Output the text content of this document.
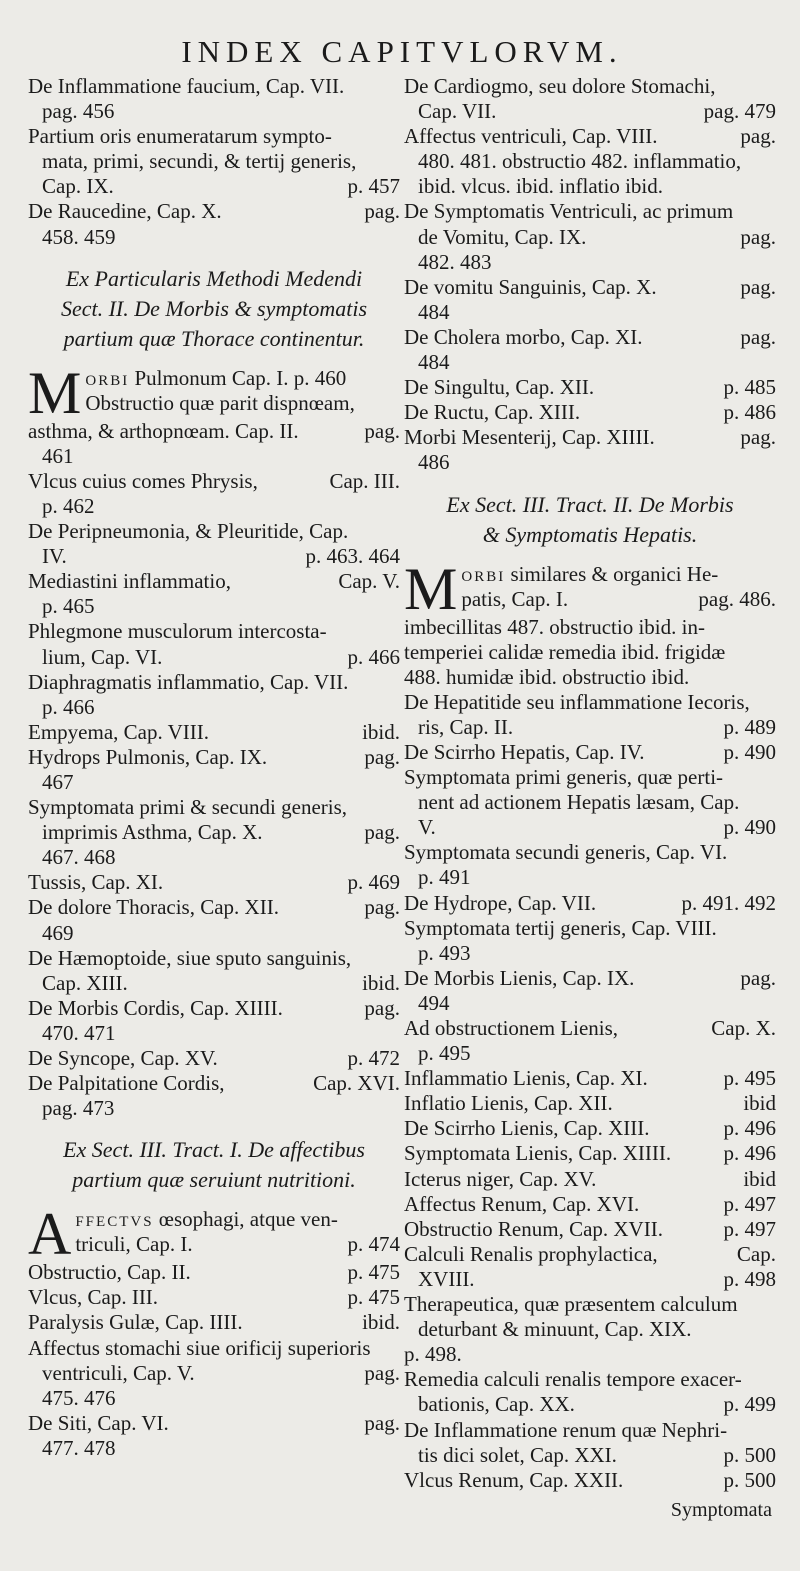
INDEX CAPITVLORVM.
De Inflammatione faucium, Cap. VII.
pag. 456
Partium oris enumeratarum sympto-
mata, primi, secundi, & tertij generis,
Cap. IX.	p. 457
De Raucedine, Cap. X.	pag.
458. 459
Ex Particularis Methodi Medendi
Sect. II. De Morbis & symptomatis
partium quæ Thorace continentur.
M orbi Pulmonum Cap. I. p. 460
Obstructio quæ parit dispnœam,
asthma, & arthopnœam. Cap. II.	pag.
461
Vlcus cuius comes Phrysis,	Cap. III.
p. 462
De Peripneumonia, & Pleuritide, Cap.
IV.	p. 463. 464
Mediastini inflammatio,	Cap. V.
p. 465
Phlegmone musculorum intercosta-
lium, Cap. VI.	p. 466
Diaphragmatis inflammatio, Cap. VII.
p. 466
Empyema, Cap. VIII.	ibid.
Hydrops Pulmonis, Cap. IX.	pag.
467
Symptomata primi & secundi generis,
imprimis Asthma, Cap. X.	pag.
467. 468
Tussis, Cap. XI.	p. 469
De dolore Thoracis, Cap. XII.	pag.
469
De Hæmoptoide, siue sputo sanguinis,
Cap. XIII.	ibid.
De Morbis Cordis, Cap. XIIII.	pag.
470. 471
De Syncope, Cap. XV.	p. 472
De Palpitatione Cordis,	Cap. XVI.
pag. 473
Ex Sect. III. Tract. I. De affectibus
partium quæ seruiunt nutritioni.
A ffectvs œsophagi, atque ven-
triculi, Cap. I.	p. 474
Obstructio, Cap. II.	p. 475
Vlcus, Cap. III.	p. 475
Paralysis Gulæ, Cap. IIII.	ibid.
Affectus stomachi siue orificij superioris
ventriculi, Cap. V.	pag.
475. 476
De Siti, Cap. VI.	pag.
477. 478
De Cardiogmo, seu dolore Stomachi,
Cap. VII.	pag. 479
Affectus ventriculi, Cap. VIII.	pag.
480. 481. obstructio 482. inflammatio,
ibid. vlcus. ibid. inflatio ibid.
De Symptomatis Ventriculi, ac primum
de Vomitu, Cap. IX.	pag.
482. 483
De vomitu Sanguinis, Cap. X.	pag.
484
De Cholera morbo, Cap. XI.	pag.
484
De Singultu, Cap. XII.	p. 485
De Ructu, Cap. XIII.	p. 486
Morbi Mesenterij, Cap. XIIII.	pag.
486
Ex Sect. III. Tract. II. De Morbis
& Symptomatis Hepatis.
M orbi similares & organici He-
patis, Cap. I.	pag. 486.
imbecillitas 487. obstructio ibid. in-
temperiei calidæ remedia ibid. frigidæ
488. humidæ ibid. obstructio ibid.
De Hepatitide seu inflammatione Iecoris,
ris, Cap. II.	p. 489
De Scirrho Hepatis, Cap. IV.	p. 490
Symptomata primi generis, quæ perti-
nent ad actionem Hepatis læsam, Cap.
V.	p. 490
Symptomata secundi generis, Cap. VI.
p. 491
De Hydrope, Cap. VII.	p. 491. 492
Symptomata tertij generis, Cap. VIII.
p. 493
De Morbis Lienis, Cap. IX.	pag.
494
Ad obstructionem Lienis,	Cap. X.
p. 495
Inflammatio Lienis, Cap. XI.	p. 495
Inflatio Lienis, Cap. XII.	ibid
De Scirrho Lienis, Cap. XIII.	p. 496
Symptomata Lienis, Cap. XIIII. p. 496
Icterus niger, Cap. XV.	ibid
Affectus Renum, Cap. XVI.	p. 497
Obstructio Renum, Cap. XVII.	p. 497
Calculi Renalis prophylactica,	Cap.
XVIII.	p. 498
Therapeutica, quæ præsentem calculum
deturbant & minuunt, Cap. XIX.
p. 498.
Remedia calculi renalis tempore exacer-
bationis, Cap. XX.	p. 499
De Inflammatione renum quæ Nephri-
tis dici solet, Cap. XXI.	p. 500
Vlcus Renum, Cap. XXII.	p. 500
Symptomata
